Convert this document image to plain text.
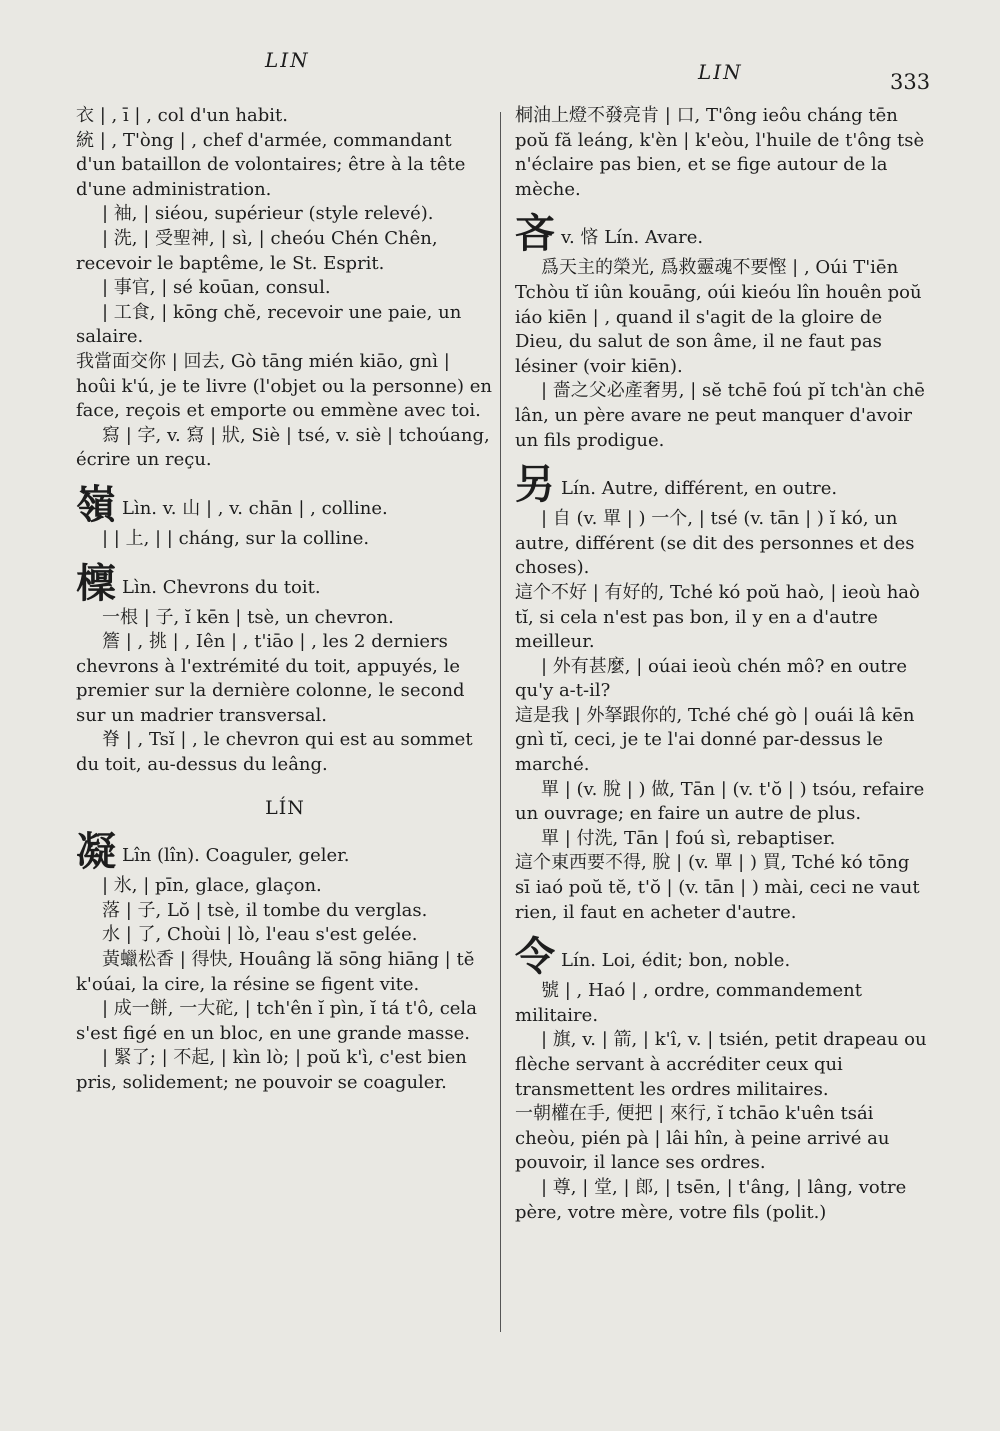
LIN	LIN	333

衣 | , ī | , col d'un habit.

統 | , T'òng | , chef d'armée, commandant d'un bataillon de volontaires; être à la tête d'une administration.

| 袖, | siéou, supérieur (style relevé).

| 洗, | 受聖神, | sì, | cheóu Chén Chên, recevoir le baptême, le St. Esprit.

| 事官, | sé koūan, consul.

| 工食, | kōng chĕ, recevoir une paie, un salaire.

我當面交你 | 回去, Gò tāng mién kiāo, gnì | hoûi k'ú, je te livre (l'objet ou la personne) en face, reçois et emporte ou emmène avec toi.

寫 | 字, v. 寫 | 狀, Siè | tsé, v. siè | tchoúang, écrire un reçu.

嶺 Lìn. v. 山 | , v. chān | , colline.

| | 上, | | cháng, sur la colline.

檁 Lìn. Chevrons du toit.

一根 | 子, ĭ kēn | tsè, un chevron.

簷 | , 挑 | , Iên | , t'iāo | , les 2 derniers chevrons à l'extrémité du toit, appuyés, le premier sur la dernière colonne, le second sur un madrier transversal.

脊 | , Tsĭ | , le chevron qui est au sommet du toit, au-dessus du leâng.

LÍN

凝 Lîn (lîn). Coaguler, geler.

| 氷, | pīn, glace, glaçon.

落 | 子, Lŏ | tsè, il tombe du verglas.

水 | 了, Choùi | lò, l'eau s'est gelée.

黃蠟松香 | 得快, Houâng lă sōng hiāng | tĕ k'oúai, la cire, la résine se figent vite.

| 成一餅, 一大砣, | tch'ên ĭ pìn, ĭ tá t'ô, cela s'est figé en un bloc, en une grande masse.

| 緊了; | 不起, | kìn lò; | poŭ k'ì, c'est bien pris, solidement; ne pouvoir se coaguler.

桐油上燈不發亮肯 | 口, T'ông ieôu cháng tēn poŭ fă leáng, k'èn | k'eòu, l'huile de t'ông tsè n'éclaire pas bien, et se fige autour de la mèche.

吝v. 悋 Lín. Avare.

爲天主的榮光, 爲救靈魂不要慳 | , Oúi T'iēn Tchòu tĭ iûn kouāng, oúi kieóu lîn houên poŭ iáo kiēn | , quand il s'agit de la gloire de Dieu, du salut de son âme, il ne faut pas lésiner (voir kiēn).

| 嗇之父必產奢男, | sĕ tchē foú pĭ tch'àn chē lân, un père avare ne peut manquer d'avoir un fils prodigue.

另 Lín. Autre, différent, en outre.

| 自 (v. 單 | ) 一个, | tsé (v. tān | ) ĭ kó, un autre, différent (se dit des personnes et des choses).

這个不好 | 有好的, Tché kó poŭ haò, | ieoù haò tĭ, si cela n'est pas bon, il y en a d'autre meilleur.

| 外有甚麼, | oúai ieoù chén mô? en outre qu'y a-t-il?

這是我 | 外拏跟你的, Tché ché gò | ouái lâ kēn gnì tĭ, ceci, je te l'ai donné par-dessus le marché.

單 | (v. 脫 | ) 做, Tān | (v. t'ŏ | ) tsóu, refaire un ouvrage; en faire un autre de plus.

單 | 付洗, Tān | foú sì, rebaptiser.

這个東西要不得, 脫 | (v. 單 | ) 買, Tché kó tōng sī iaó poŭ tĕ, t'ŏ | (v. tān | ) mài, ceci ne vaut rien, il faut en acheter d'autre.

令 Lín. Loi, édit; bon, noble.

號 | , Haó | , ordre, commandement militaire.

| 旗, v. | 箭, | k'î, v. | tsién, petit drapeau ou flèche servant à accréditer ceux qui transmettent les ordres militaires.

一朝權在手, 便把 | 來行, ĭ tchāo k'uên tsái cheòu, pién pà | lâi hîn, à peine arrivé au pouvoir, il lance ses ordres.

| 尊, | 堂, | 郎, | tsēn, | t'âng, | lâng, votre père, votre mère, votre fils (polit.)
